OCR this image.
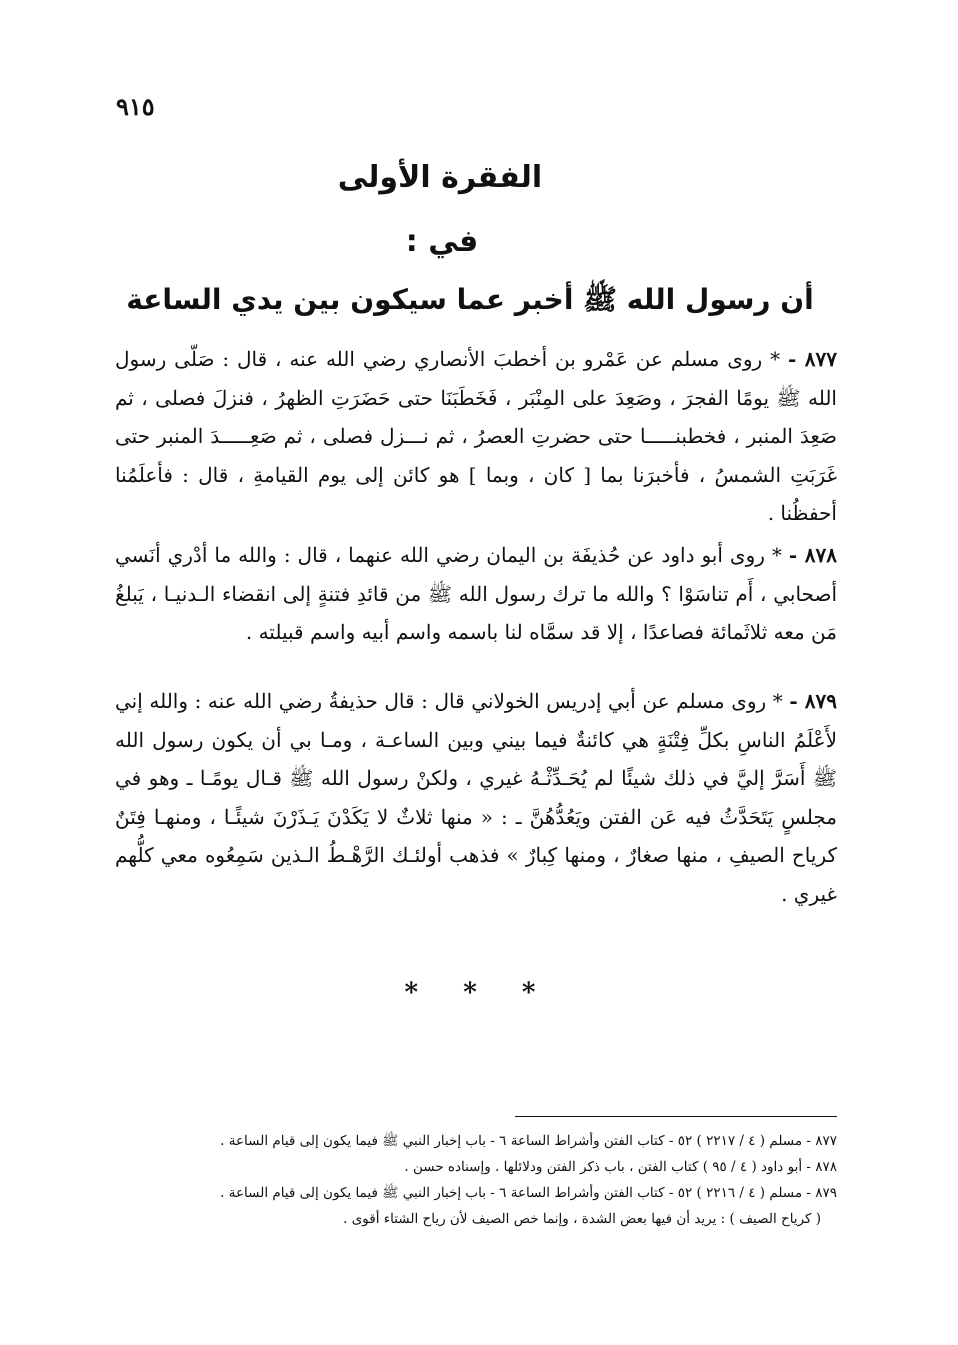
٩١٥
الفقرة الأولى
في :
أن رسول الله ﷺ أخبر عما سيكون بين يدي الساعة
٨٧٧ - * روى مسلم عن عَمْرو بن أخطبَ الأنصاري رضي الله عنه ، قال : صَلّى رسول الله ﷺ يومًا الفجرَ ، وصَعِدَ على المِنْبَر ، فَخَطَبَنَا حتى حَضَرَتِ الظهرُ ، فنزلَ فصلى ، ثم صَعِدَ المنبر ، فخطبنـــــا حتى حضرتِ العصرُ ، ثم نـــزل فصلى ، ثم صَعِـــــدَ المنبر حتى غَرَبَتِ الشمسُ ، فأخبرَنا بما [ كان ، وبما ] هو كائن إلى يوم القيامةِ ، قال : فأعلَمُنا أحفظُنا .
٨٧٨ - * روى أبو داود عن حُذيفَة بن اليمان رضي الله عنهما ، قال : والله ما أدْري أنَسي أصحابي ، أَم تناسَوْا ؟ والله ما ترك رسول الله ﷺ من قائدِ فتنةٍ إلى انقضاء الـدنيـا ، يَبلغُ مَن معه ثلاثَمائة فصاعدًا ، إلا قد سمَّاه لنا باسمه واسم أبيه واسم قبيلته .
٨٧٩ - * روى مسلم عن أبي إدريس الخولاني قال : قال حذيفةُ رضي الله عنه : والله إني لأَعْلَمُ الناسِ بكلِّ فِتْنَةٍ هي كائنةٌ فيما بيني وبين الساعـة ، ومـا بي أن يكون رسول الله ﷺ أَسَرَّ إليَّ في ذلك شيئًا لم يُحَـدِّثْـهُ غيري ، ولكنْ رسول الله ﷺ قـال يومًـا ـ وهو في مجلسٍ يَتَحَدَّثُ فيه عَن الفتن ويَعُدُّهُنَّ ـ : « منها ثلاثٌ لا يَكَدْنَ يَـذَرْنَ شيئًـا ، ومنهـا فِتَنٌ كرياح الصيفِ ، منها صغارٌ ، ومنها كِبارٌ » فذهب أولئـك الرَّهْـطُ الـذين سَمِعُوه معي كلُّهم غيري .
* * *
٨٧٧ - مسلم ( ٤ / ٢٢١٧ ) ٥٢ - كتاب الفتن وأشراط الساعة ٦ - باب إخبار النبي ﷺ فيما يكون إلى قيام الساعة .
٨٧٨ - أبو داود ( ٤ / ٩٥ ) كتاب الفتن ، باب ذكر الفتن ودلائلها . وإسناده حسن .
٨٧٩ - مسلم ( ٤ / ٢٢١٦ ) ٥٢ - كتاب الفتن وأشراط الساعة ٦ - باب إخبار النبي ﷺ فيما يكون إلى قيام الساعة .
( كرياح الصيف ) : يريد أن فيها بعض الشدة ، وإنما خص الصيف لأن رياح الشتاء أقوى .
